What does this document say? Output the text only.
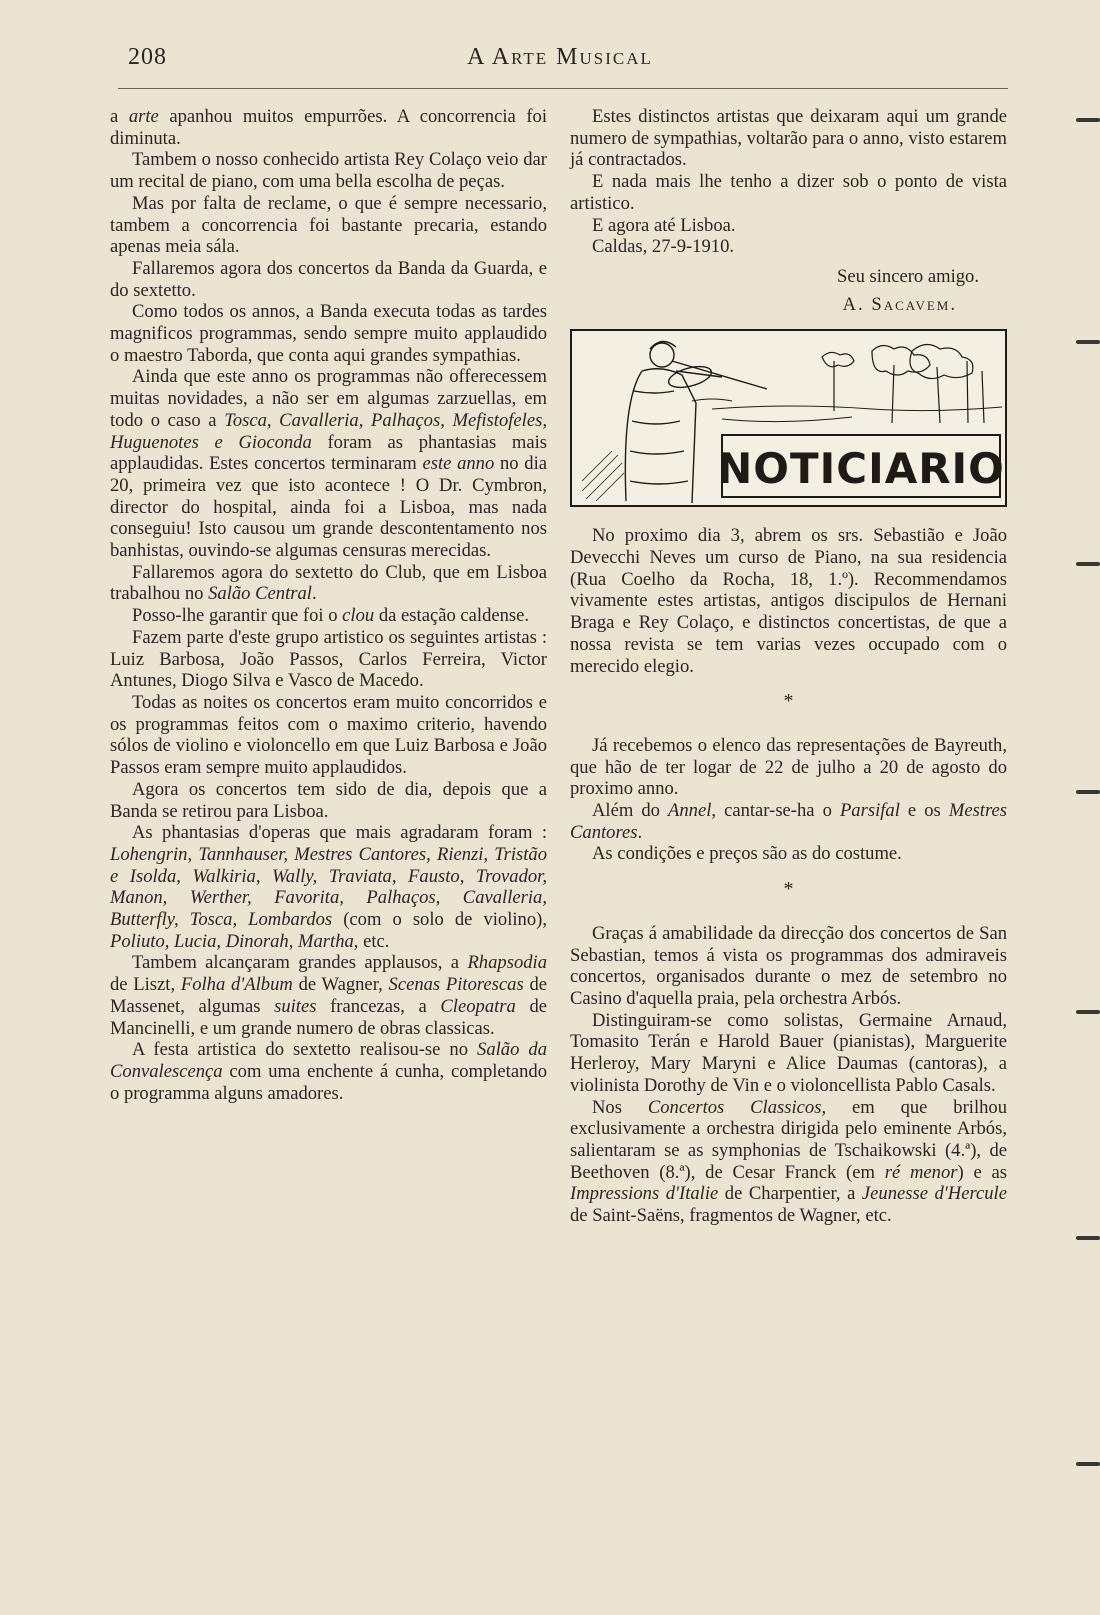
208	A Arte Musical

a arte apanhou muitos empurrões. A concorrencia foi diminuta.

Tambem o nosso conhecido artista Rey Colaço veio dar um recital de piano, com uma bella escolha de peças.

Mas por falta de reclame, o que é sempre necessario, tambem a concorrencia foi bastante precaria, estando apenas meia sála.

Fallaremos agora dos concertos da Banda da Guarda, e do sextetto.

Como todos os annos, a Banda executa todas as tardes magnificos programmas, sendo sempre muito applaudido o maestro Taborda, que conta aqui grandes sympathias.

Ainda que este anno os programmas não offerecessem muitas novidades, a não ser em algumas zarzuellas, em todo o caso a Tosca, Cavalleria, Palhaços, Mefistofeles, Huguenotes e Gioconda foram as phantasias mais applaudidas. Estes concertos terminaram este anno no dia 20, primeira vez que isto acontece ! O Dr. Cymbron, director do hospital, ainda foi a Lisboa, mas nada conseguiu! Isto causou um grande descontentamento nos banhistas, ouvindo-se algumas censuras merecidas.

Fallaremos agora do sextetto do Club, que em Lisboa trabalhou no Salão Central.

Posso-lhe garantir que foi o clou da estação caldense.

Fazem parte d'este grupo artistico os seguintes artistas : Luiz Barbosa, João Passos, Carlos Ferreira, Victor Antunes, Diogo Silva e Vasco de Macedo.

Todas as noites os concertos eram muito concorridos e os programmas feitos com o maximo criterio, havendo sólos de violino e violoncello em que Luiz Barbosa e João Passos eram sempre muito applaudidos.

Agora os concertos tem sido de dia, depois que a Banda se retirou para Lisboa.

As phantasias d'operas que mais agradaram foram : Lohengrin, Tannhauser, Mestres Cantores, Rienzi, Tristão e Isolda, Walkiria, Wally, Traviata, Fausto, Trovador, Manon, Werther, Favorita, Palhaços, Cavalleria, Butterfly, Tosca, Lombardos (com o solo de violino), Poliuto, Lucia, Dinorah, Martha, etc.

Tambem alcançaram grandes applausos, a Rhapsodia de Liszt, Folha d'Album de Wagner, Scenas Pitorescas de Massenet, algumas suites francezas, a Cleopatra de Mancinelli, e um grande numero de obras classicas.

A festa artistica do sextetto realisou-se no Salão da Convalescença com uma enchente á cunha, completando o programma alguns amadores.

Estes distinctos artistas que deixaram aqui um grande numero de sympathias, voltarão para o anno, visto estarem já contractados.

E nada mais lhe tenho a dizer sob o ponto de vista artistico.

E agora até Lisboa.

Caldas, 27-9-1910.

Seu sincero amigo.

A. Sacavem.

NOTICIARIO

No proximo dia 3, abrem os srs. Sebastião e João Devecchi Neves um curso de Piano, na sua residencia (Rua Coelho da Rocha, 18, 1.º). Recommendamos vivamente estes artistas, antigos discipulos de Hernani Braga e Rey Colaço, e distinctos concertistas, de que a nossa revista se tem varias vezes occupado com o merecido elegio.

*

Já recebemos o elenco das representações de Bayreuth, que hão de ter logar de 22 de julho a 20 de agosto do proximo anno.

Além do Annel, cantar-se-ha o Parsifal e os Mestres Cantores.

As condições e preços são as do costume.

*

Graças á amabilidade da direcção dos concertos de San Sebastian, temos á vista os programmas dos admiraveis concertos, organisados durante o mez de setembro no Casino d'aquella praia, pela orchestra Arbós.

Distinguiram-se como solistas, Germaine Arnaud, Tomasito Terán e Harold Bauer (pianistas), Marguerite Herleroy, Mary Maryni e Alice Daumas (cantoras), a violinista Dorothy de Vin e o violoncellista Pablo Casals.

Nos Concertos Classicos, em que brilhou exclusivamente a orchestra dirigida pelo eminente Arbós, salientaram se as symphonias de Tschaikowski (4.ª), de Beethoven (8.ª), de Cesar Franck (em ré menor) e as Impressions d'Italie de Charpentier, a Jeunesse d'Hercule de Saint-Saëns, fragmentos de Wagner, etc.
